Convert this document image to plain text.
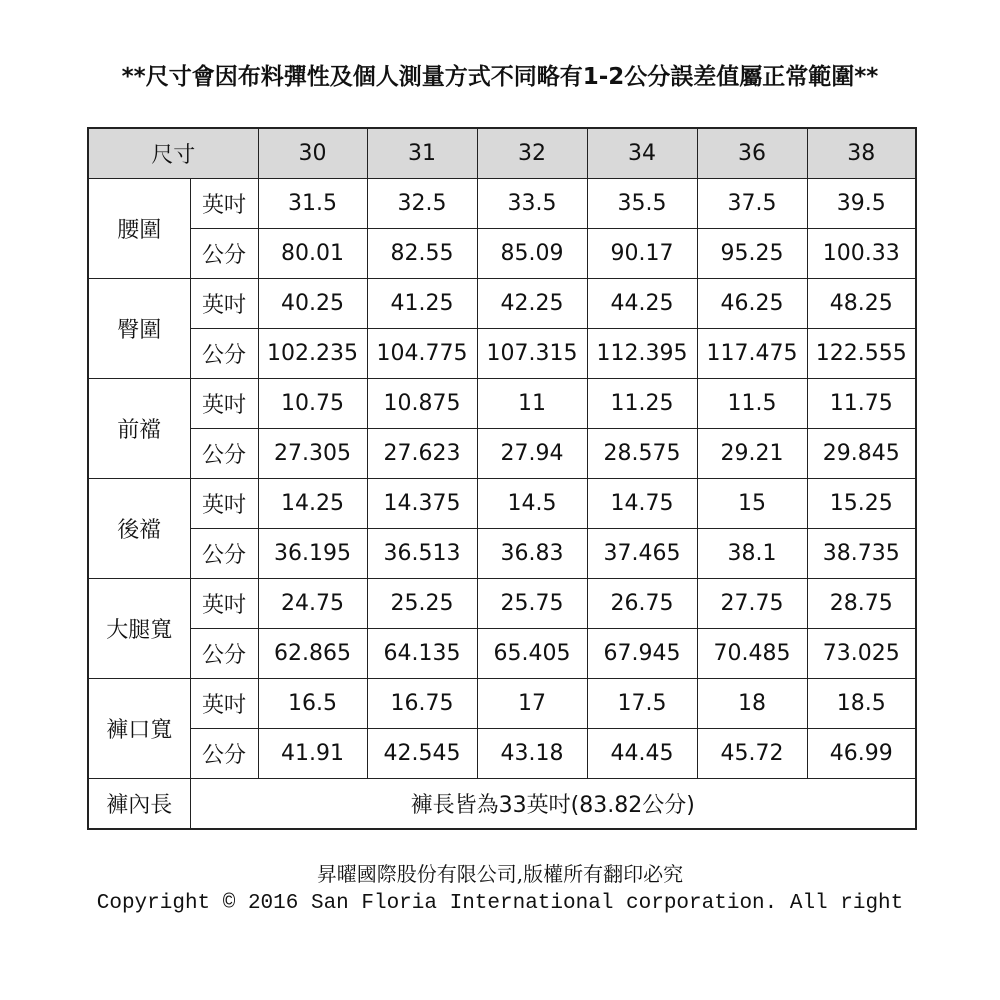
**尺寸會因布料彈性及個人測量方式不同略有1-2公分誤差值屬正常範圍**
尺寸		30	31	32	34	36	38
腰圍	英吋	31.5	32.5	33.5	35.5	37.5	39.5
	公分	80.01	82.55	85.09	90.17	95.25	100.33
臀圍	英吋	40.25	41.25	42.25	44.25	46.25	48.25
	公分	102.235	104.775	107.315	112.395	117.475	122.555
前襠	英吋	10.75	10.875	11	11.25	11.5	11.75
	公分	27.305	27.623	27.94	28.575	29.21	29.845
後襠	英吋	14.25	14.375	14.5	14.75	15	15.25
	公分	36.195	36.513	36.83	37.465	38.1	38.735
大腿寬	英吋	24.75	25.25	25.75	26.75	27.75	28.75
	公分	62.865	64.135	65.405	67.945	70.485	73.025
褲口寬	英吋	16.5	16.75	17	17.5	18	18.5
	公分	41.91	42.545	43.18	44.45	45.72	46.99
褲內長	褲長皆為33英吋(83.82公分)						
昇曜國際股份有限公司,版權所有翻印必究
Copyright © 2016 San Floria International corporation. All right
